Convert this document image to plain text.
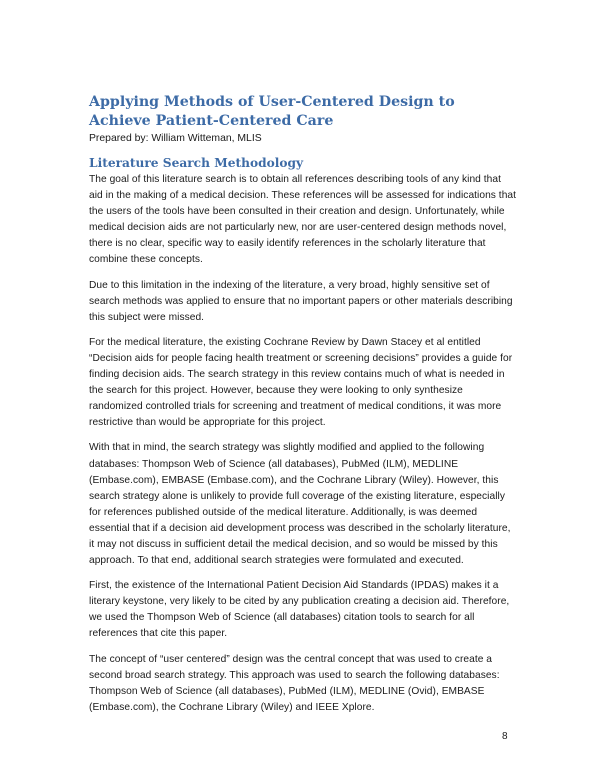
Applying Methods of User-Centered Design to Achieve Patient-Centered Care

Prepared by: William Witteman, MLIS

Literature Search Methodology

The goal of this literature search is to obtain all references describing tools of any kind that aid in the making of a medical decision. These references will be assessed for indications that the users of the tools have been consulted in their creation and design. Unfortunately, while medical decision aids are not particularly new, nor are user-centered design methods novel, there is no clear, specific way to easily identify references in the scholarly literature that combine these concepts.

Due to this limitation in the indexing of the literature, a very broad, highly sensitive set of search methods was applied to ensure that no important papers or other materials describing this subject were missed.

For the medical literature, the existing Cochrane Review by Dawn Stacey et al entitled “Decision aids for people facing health treatment or screening decisions” provides a guide for finding decision aids. The search strategy in this review contains much of what is needed in the search for this project. However, because they were looking to only synthesize randomized controlled trials for screening and treatment of medical conditions, it was more restrictive than would be appropriate for this project.

With that in mind, the search strategy was slightly modified and applied to the following databases: Thompson Web of Science (all databases), PubMed (ILM), MEDLINE (Embase.com), EMBASE (Embase.com), and the Cochrane Library (Wiley). However, this search strategy alone is unlikely to provide full coverage of the existing literature, especially for references published outside of the medical literature. Additionally, is was deemed essential that if a decision aid development process was described in the scholarly literature, it may not discuss in sufficient detail the medical decision, and so would be missed by this approach. To that end, additional search strategies were formulated and executed.

First, the existence of the International Patient Decision Aid Standards (IPDAS) makes it a literary keystone, very likely to be cited by any publication creating a decision aid. Therefore, we used the Thompson Web of Science (all databases) citation tools to search for all references that cite this paper.

The concept of “user centered” design was the central concept that was used to create a second broad search strategy. This approach was used to search the following databases: Thompson Web of Science (all databases), PubMed (ILM), MEDLINE (Ovid), EMBASE (Embase.com), the Cochrane Library (Wiley) and IEEE Xplore.

8
